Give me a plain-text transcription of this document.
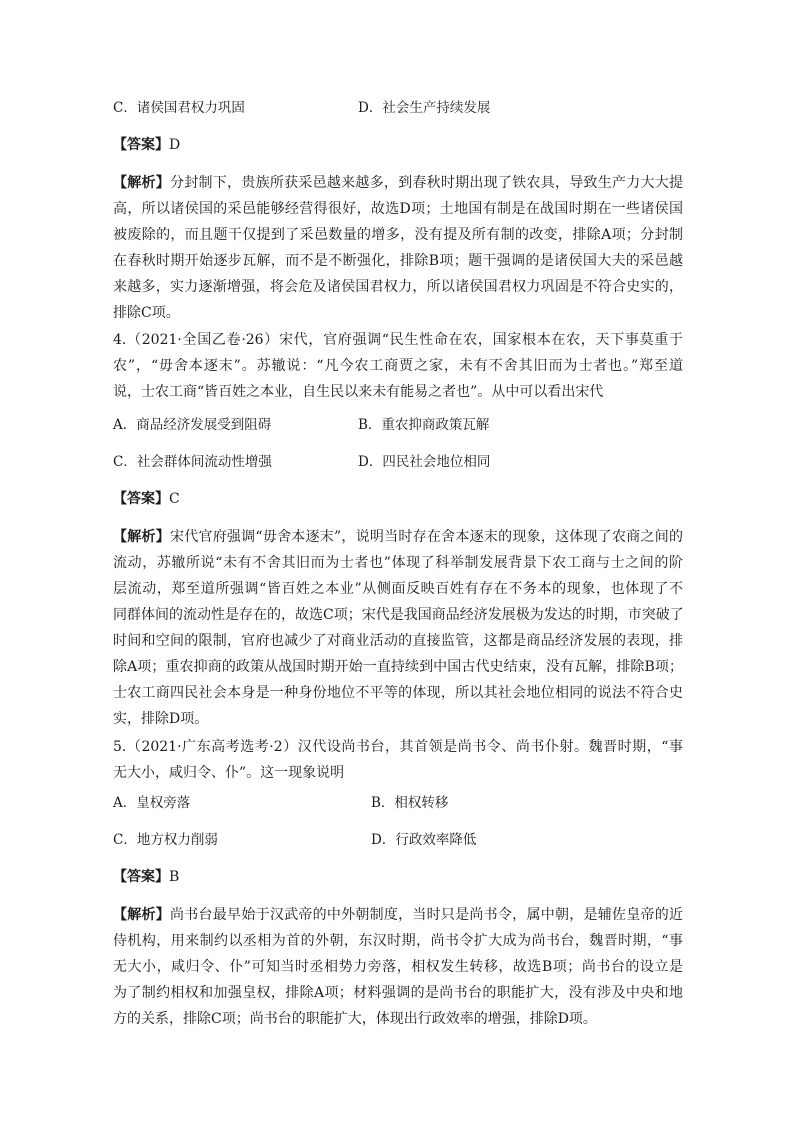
C．诸侯国君权力巩固	D．社会生产持续发展
【答案】D
【解析】分封制下，贵族所获采邑越来越多，到春秋时期出现了铁农具，导致生产力大大提
高，所以诸侯国的采邑能够经营得很好，故选D项；土地国有制是在战国时期在一些诸侯国
被废除的，而且题干仅提到了采邑数量的增多，没有提及所有制的改变，排除A项；分封制
在春秋时期开始逐步瓦解，而不是不断强化，排除B项；题干强调的是诸侯国大夫的采邑越
来越多，实力逐渐增强，将会危及诸侯国君权力，所以诸侯国君权力巩固是不符合史实的，
排除C项。
4.（2021·全国乙卷·26）宋代，官府强调“民生性命在农，国家根本在农，天下事莫重于
农”，“毋舍本逐末”。苏辙说：“凡今农工商贾之家，未有不舍其旧而为士者也。”郑至道
说，士农工商“皆百姓之本业，自生民以来未有能易之者也”。从中可以看出宋代
A．商品经济发展受到阻碍	B．重农抑商政策瓦解
C．社会群体间流动性增强	D．四民社会地位相同
【答案】C
【解析】宋代官府强调“毋舍本逐末”，说明当时存在舍本逐末的现象，这体现了农商之间的
流动，苏辙所说“未有不舍其旧而为士者也”体现了科举制发展背景下农工商与士之间的阶
层流动，郑至道所强调“皆百姓之本业”从侧面反映百姓有存在不务本的现象，也体现了不
同群体间的流动性是存在的，故选C项；宋代是我国商品经济发展极为发达的时期，市突破了
时间和空间的限制，官府也减少了对商业活动的直接监管，这都是商品经济发展的表现，排
除A项；重农抑商的政策从战国时期开始一直持续到中国古代史结束，没有瓦解，排除B项；
士农工商四民社会本身是一种身份地位不平等的体现，所以其社会地位相同的说法不符合史
实，排除D项。
5.（2021·广东高考选考·2）汉代设尚书台，其首领是尚书令、尚书仆射。魏晋时期，“事
无大小，咸归令、仆”。这一现象说明
A．皇权旁落	B．相权转移
C．地方权力削弱	D．行政效率降低
【答案】B
【解析】尚书台最早始于汉武帝的中外朝制度，当时只是尚书令，属中朝，是辅佐皇帝的近
侍机构，用来制约以丞相为首的外朝，东汉时期，尚书令扩大成为尚书台，魏晋时期，“事
无大小，咸归令、仆”可知当时丞相势力旁落，相权发生转移，故选B项；尚书台的设立是
为了制约相权和加强皇权，排除A项；材料强调的是尚书台的职能扩大，没有涉及中央和地
方的关系，排除C项；尚书台的职能扩大，体现出行政效率的增强，排除D项。
